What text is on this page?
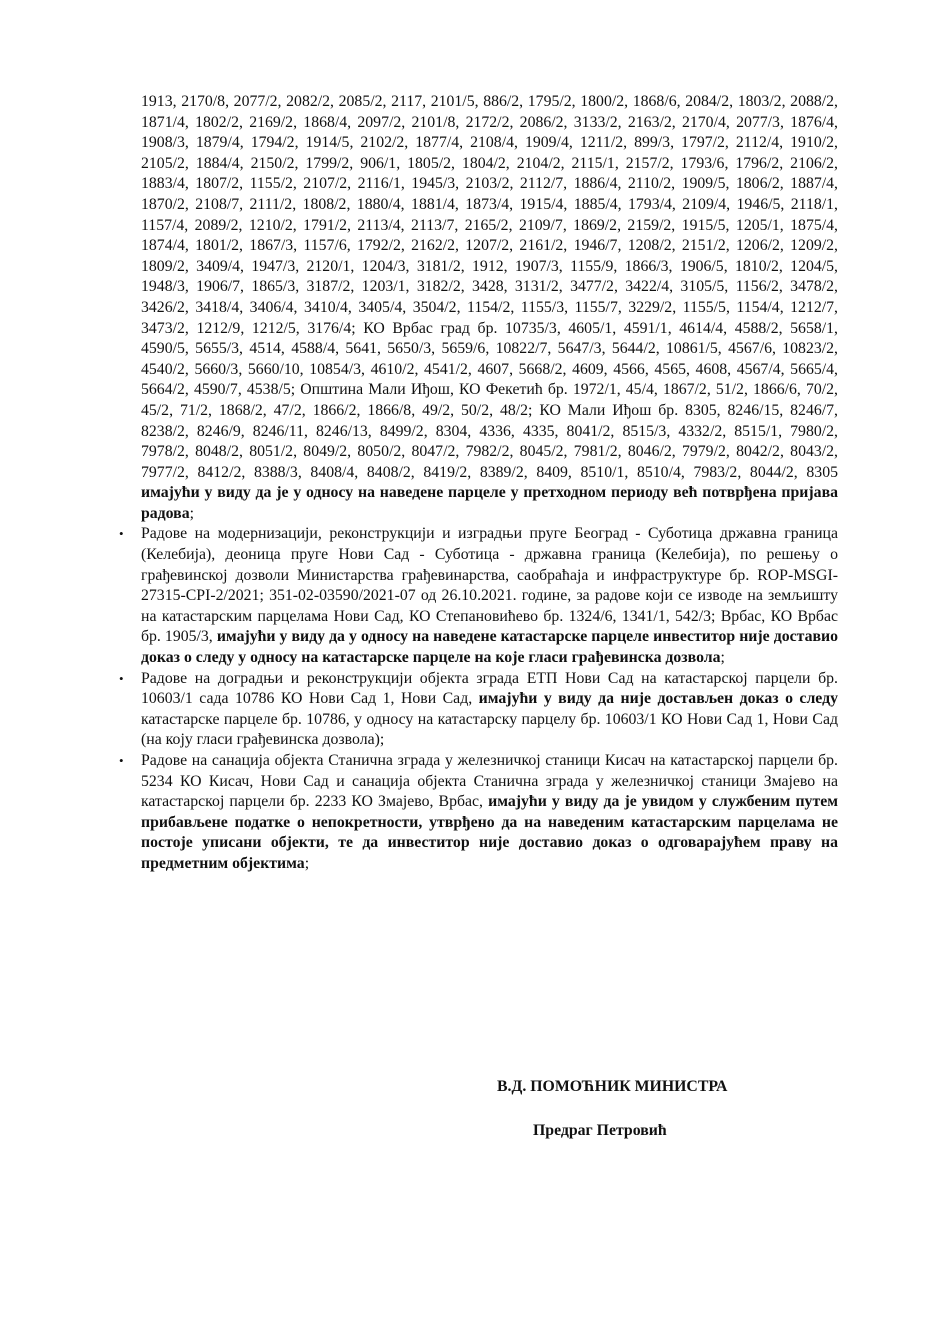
1913, 2170/8, 2077/2, 2082/2, 2085/2, 2117, 2101/5, 886/2, 1795/2, 1800/2, 1868/6, 2084/2, 1803/2, 2088/2, 1871/4, 1802/2, 2169/2, 1868/4, 2097/2, 2101/8, 2172/2, 2086/2, 3133/2, 2163/2, 2170/4, 2077/3, 1876/4, 1908/3, 1879/4, 1794/2, 1914/5, 2102/2, 1877/4, 2108/4, 1909/4, 1211/2, 899/3, 1797/2, 2112/4, 1910/2, 2105/2, 1884/4, 2150/2, 1799/2, 906/1, 1805/2, 1804/2, 2104/2, 2115/1, 2157/2, 1793/6, 1796/2, 2106/2, 1883/4, 1807/2, 1155/2, 2107/2, 2116/1, 1945/3, 2103/2, 2112/7, 1886/4, 2110/2, 1909/5, 1806/2, 1887/4, 1870/2, 2108/7, 2111/2, 1808/2, 1880/4, 1881/4, 1873/4, 1915/4, 1885/4, 1793/4, 2109/4, 1946/5, 2118/1, 1157/4, 2089/2, 1210/2, 1791/2, 2113/4, 2113/7, 2165/2, 2109/7, 1869/2, 2159/2, 1915/5, 1205/1, 1875/4, 1874/4, 1801/2, 1867/3, 1157/6, 1792/2, 2162/2, 1207/2, 2161/2, 1946/7, 1208/2, 2151/2, 1206/2, 1209/2, 1809/2, 3409/4, 1947/3, 2120/1, 1204/3, 3181/2, 1912, 1907/3, 1155/9, 1866/3, 1906/5, 1810/2, 1204/5, 1948/3, 1906/7, 1865/3, 3187/2, 1203/1, 3182/2, 3428, 3131/2, 3477/2, 3422/4, 3105/5, 1156/2, 3478/2, 3426/2, 3418/4, 3406/4, 3410/4, 3405/4, 3504/2, 1154/2, 1155/3, 1155/7, 3229/2, 1155/5, 1154/4, 1212/7, 3473/2, 1212/9, 1212/5, 3176/4; КО Врбас град бр. 10735/3, 4605/1, 4591/1, 4614/4, 4588/2, 5658/1, 4590/5, 5655/3, 4514, 4588/4, 5641, 5650/3, 5659/6, 10822/7, 5647/3, 5644/2, 10861/5, 4567/6, 10823/2, 4540/2, 5660/3, 5660/10, 10854/3, 4610/2, 4541/2, 4607, 5668/2, 4609, 4566, 4565, 4608, 4567/4, 5665/4, 5664/2, 4590/7, 4538/5; Општина Мали Иђош, КО Фекетић бр. 1972/1, 45/4, 1867/2, 51/2, 1866/6, 70/2, 45/2, 71/2, 1868/2, 47/2, 1866/2, 1866/8, 49/2, 50/2, 48/2; КО Мали Иђош бр. 8305, 8246/15, 8246/7, 8238/2, 8246/9, 8246/11, 8246/13, 8499/2, 8304, 4336, 4335, 8041/2, 8515/3, 4332/2, 8515/1, 7980/2, 7978/2, 8048/2, 8051/2, 8049/2, 8050/2, 8047/2, 7982/2, 8045/2, 7981/2, 8046/2, 7979/2, 8042/2, 8043/2, 7977/2, 8412/2, 8388/3, 8408/4, 8408/2, 8419/2, 8389/2, 8409, 8510/1, 8510/4, 7983/2, 8044/2, 8305 имајући у виду да је у односу на наведене парцеле у претходном периоду већ потврђена пријава радова;

• Радове на модернизацији, реконструкцији и изградњи пруге Београд - Суботица државна граница (Келебија), деоница пруге Нови Сад - Суботица - државна граница (Келебија), по решењу о грађевинској дозволи Министарства грађевинарства, саобраћаја и инфраструктуре бр. ROP-MSGI-27315-CPI-2/2021; 351-02-03590/2021-07 од 26.10.2021. године, за радове који се изводе на земљишту на катастарским парцелама Нови Сад, КО Степановићево бр. 1324/6, 1341/1, 542/3; Врбас, КО Врбас бр. 1905/3, имајући у виду да у односу на наведене катастарске парцеле инвеститор није доставио доказ о следу у односу на катастарске парцеле на које гласи грађевинска дозвола;
• Радове на доградњи и реконструкцији објекта зграда ЕТП Нови Сад на катастарској парцели бр. 10603/1 сада 10786 КО Нови Сад 1, Нови Сад, имајући у виду да није достављен доказ о следу катастарске парцеле бр. 10786, у односу на катастарску парцелу бр. 10603/1 КО Нови Сад 1, Нови Сад (на коју гласи грађевинска дозвола);
• Радове на санација објекта Станична зграда у железничкој станици Кисач на катастарској парцели бр. 5234 КО Кисач, Нови Сад и санација објекта Станична зграда у железничкој станици Змајево на катастарској парцели бр. 2233 КО Змајево, Врбас, имајући у виду да је увидом у службеним путем прибављене податке о непокретности, утврђено да на наведеним катастарским парцелама не постоје уписани објекти, те да инвеститор није доставио доказ о одговарајућем праву на предметним објектима;
В.Д. ПОМОЋНИК МИНИСТРА
Предраг Петровић
